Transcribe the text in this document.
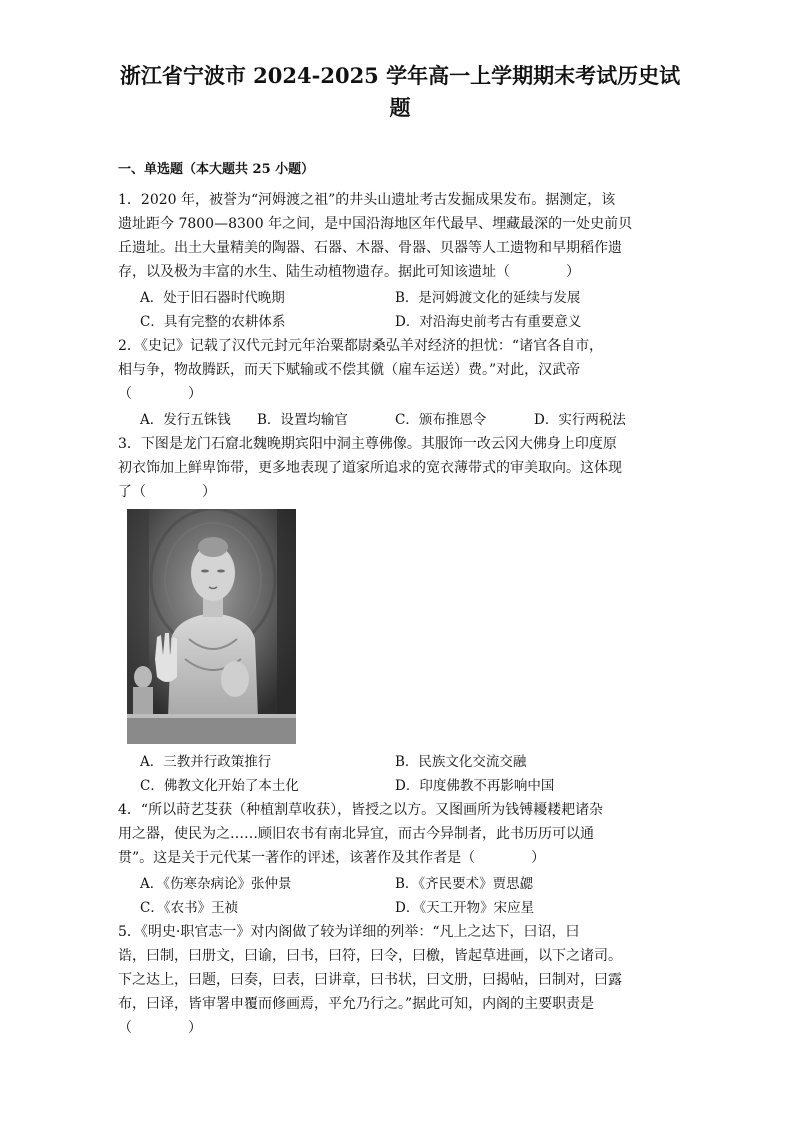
浙江省宁波市 2024-2025 学年高一上学期期末考试历史试
题
一、单选题（本大题共 25 小题）

1．2020 年，被誉为“河姆渡之祖”的井头山遗址考古发掘成果发布。据测定，该

遗址距今 7800—8300 年之间，是中国沿海地区年代最早、埋藏最深的一处史前贝

丘遗址。出土大量精美的陶器、石器、木器、骨器、贝器等人工遗物和早期稻作遗

存，以及极为丰富的水生、陆生动植物遗存。据此可知该遗址（　　　　）

A．处于旧石器时代晚期	B．是河姆渡文化的延续与发展
C．具有完整的农耕体系	D．对沿海史前考古有重要意义

2．《史记》记载了汉代元封元年治粟都尉桑弘羊对经济的担忧：“诸官各自市，

相与争，物故腾跃，而天下赋输或不偿其僦（雇车运送）费。”对此，汉武帝

（　　　　）

A．发行五铢钱 B．设置均输官	C．颁布推恩令	D．实行两税法

3．下图是龙门石窟北魏晚期宾阳中洞主尊佛像。其服饰一改云冈大佛身上印度原

初衣饰加上鲜卑饰带，更多地表现了道家所追求的宽衣薄带式的审美取向。这体现

了（　　　　）

A．三教并行政策推行	B．民族文化交流交融
C．佛教文化开始了本土化	D．印度佛教不再影响中国

4．“所以莳艺芟获（种植割草收获），皆授之以方。又图画所为钱镈耰耧耙诸杂

用之器，使民为之……顾旧农书有南北异宜，而古今异制者，此书历历可以通

贯”。这是关于元代某一著作的评述，该著作及其作者是（　　　　）

A．《伤寒杂病论》张仲景	B．《齐民要术》贾思勰
C．《农书》王祯	D．《天工开物》宋应星

5．《明史·职官志一》对内阁做了较为详细的列举：“凡上之达下，曰诏，曰

诰，曰制，曰册文，曰谕，曰书，曰符，曰令，曰檄，皆起草进画，以下之诸司。

下之达上，曰题，曰奏，曰表，曰讲章，曰书状，曰文册，曰揭帖，曰制对，曰露

布，曰译，皆审署申覆而修画焉，平允乃行之。”据此可知，内阁的主要职责是

（　　　　）
